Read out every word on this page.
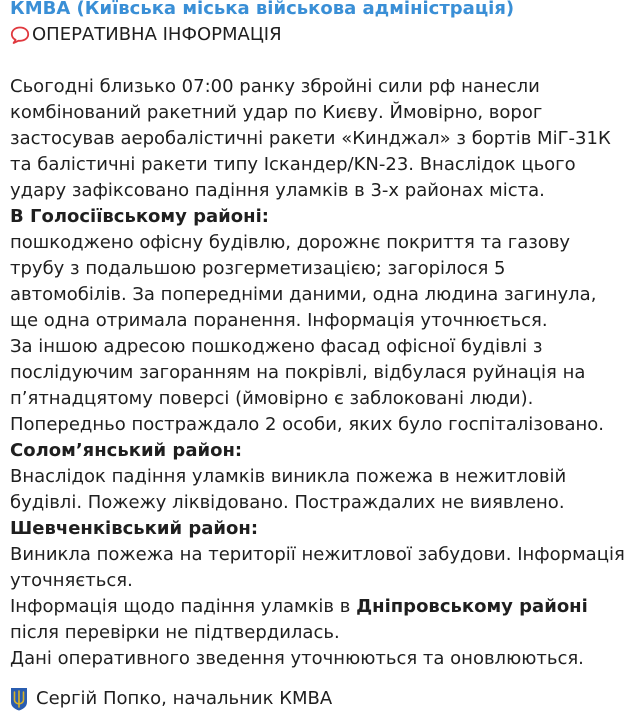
КМВА (Київська міська військова адміністрація)
ОПЕРАТИВНА ІНФОРМАЦІЯ

Сьогодні близько 07:00 ранку збройні сили рф нанесли комбінований ракетний удар по Києву. Ймовірно, ворог застосував аеробалістичні ракети «Кинджал» з бортів МіГ-31К та балістичні ракети типу Іскандер/KN-23. Внаслідок цього удару зафіксовано падіння уламків в 3-х районах міста.

В Голосіївському районі:

пошкоджено офісну будівлю, дорожнє покриття та газову трубу з подальшою розгерметизацією; загорілося 5 автомобілів. За попередніми даними, одна людина загинула, ще одна отримала поранення. Інформація уточнюється.

За іншою адресою пошкоджено фасад офісної будівлі з послідуючим загоранням на покрівлі, відбулася руйнація на п’ятнадцятому поверсі (ймовірно є заблоковані люди).

Попередньо постраждало 2 особи, яких було госпіталізовано.

Солом’янський район:

Внаслідок падіння уламків виникла пожежа в нежитловій будівлі. Пожежу ліквідовано. Постраждалих не виявлено.

Шевченківський район:

Виникла пожежа на території нежитлової забудови. Інформація уточняється.

Інформація щодо падіння уламків в Дніпровському районі після перевірки не підтвердилась.

Дані оперативного зведення уточнюються та оновлюються.

Сергій Попко, начальник КМВА
